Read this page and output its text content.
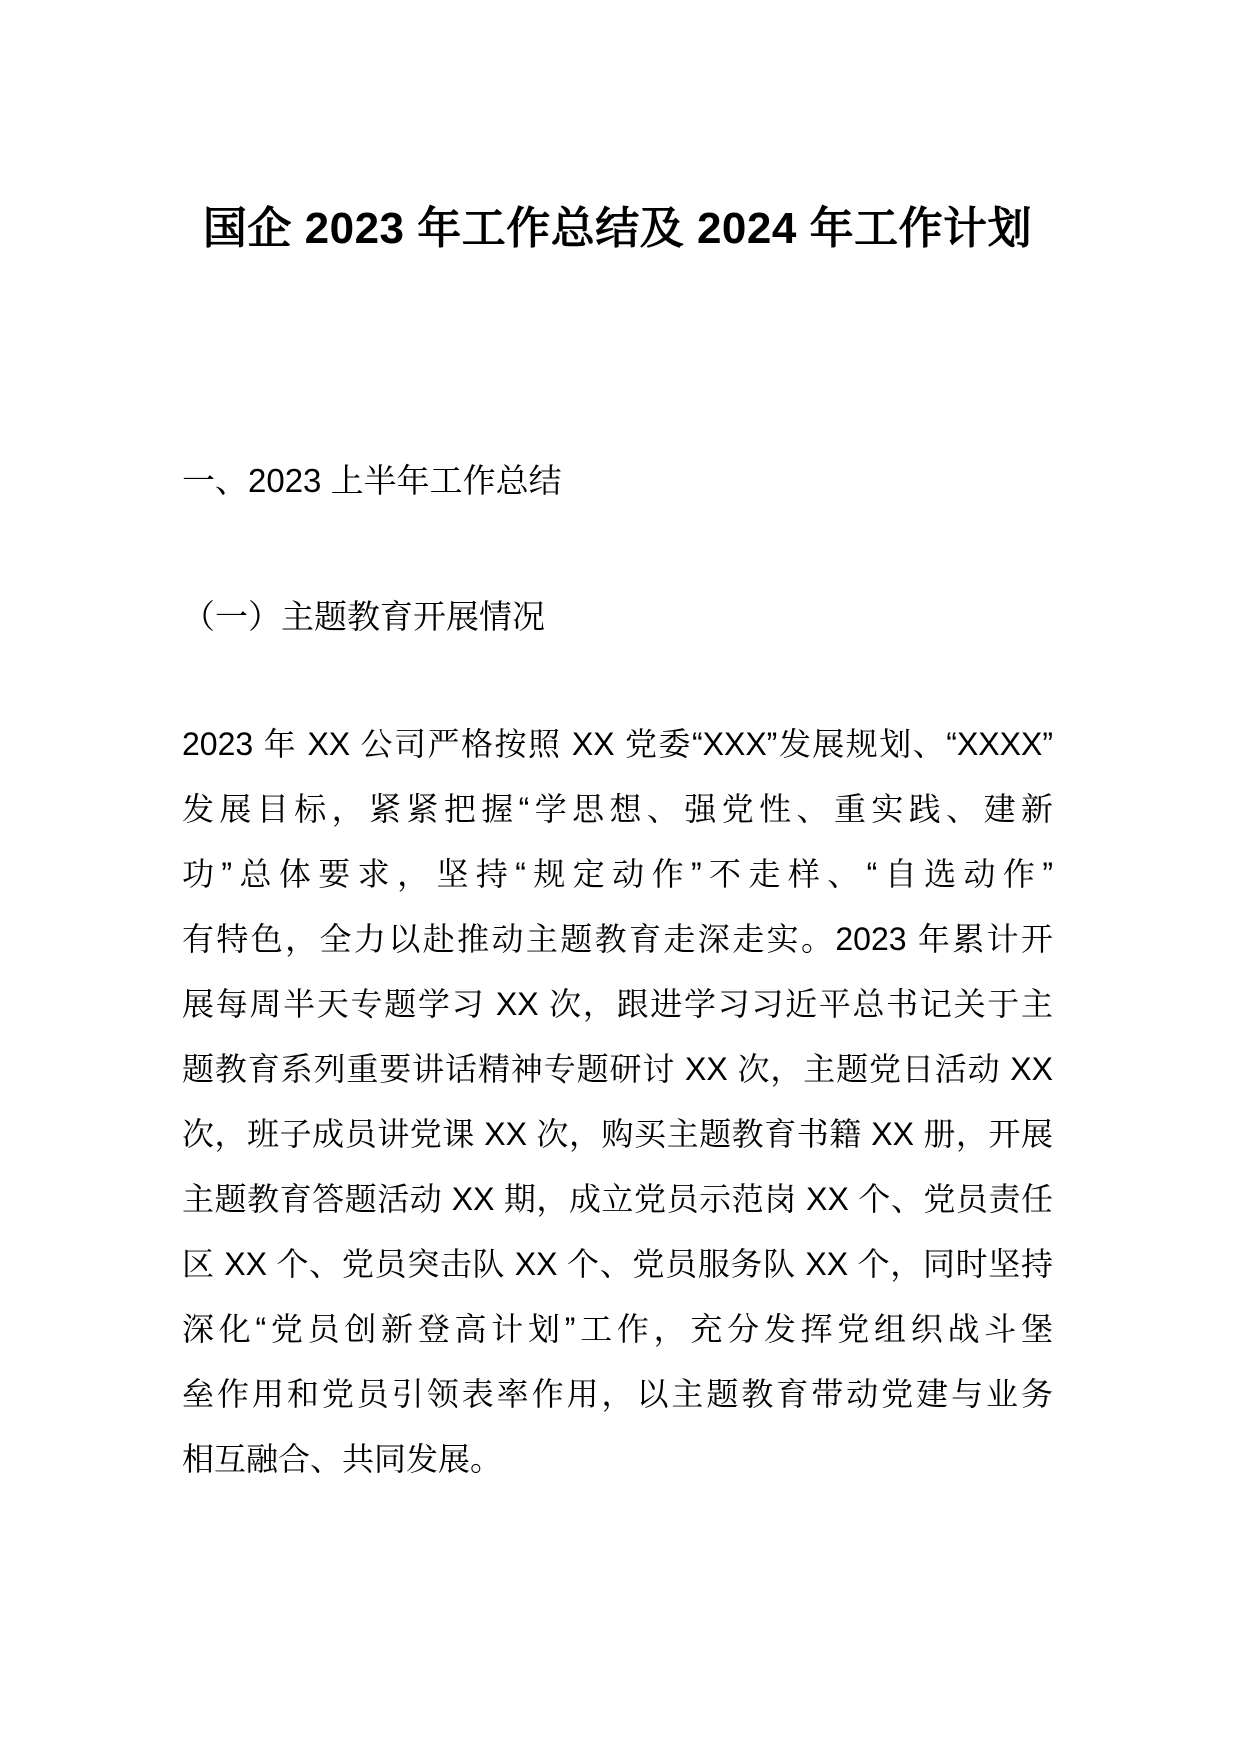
国企 2023 年工作总结及 2024 年工作计划
一、2023 上半年工作总结
（一）主题教育开展情况
2023 年 XX 公司严格按照 XX 党委“XXX”发展规划、“XXXX”
发展目标，紧紧把握“学思想、强党性、重实践、建新
功”总体要求，坚持“规定动作”不走样、“自选动作”
有特色，全力以赴推动主题教育走深走实。2023 年累计开
展每周半天专题学习 XX 次，跟进学习习近平总书记关于主
题教育系列重要讲话精神专题研讨 XX 次，主题党日活动 XX
次，班子成员讲党课 XX 次，购买主题教育书籍 XX 册，开展
主题教育答题活动 XX 期，成立党员示范岗 XX 个、党员责任
区 XX 个、党员突击队 XX 个、党员服务队 XX 个，同时坚持
深化“党员创新登高计划”工作，充分发挥党组织战斗堡
垒作用和党员引领表率作用，以主题教育带动党建与业务
相互融合、共同发展。
